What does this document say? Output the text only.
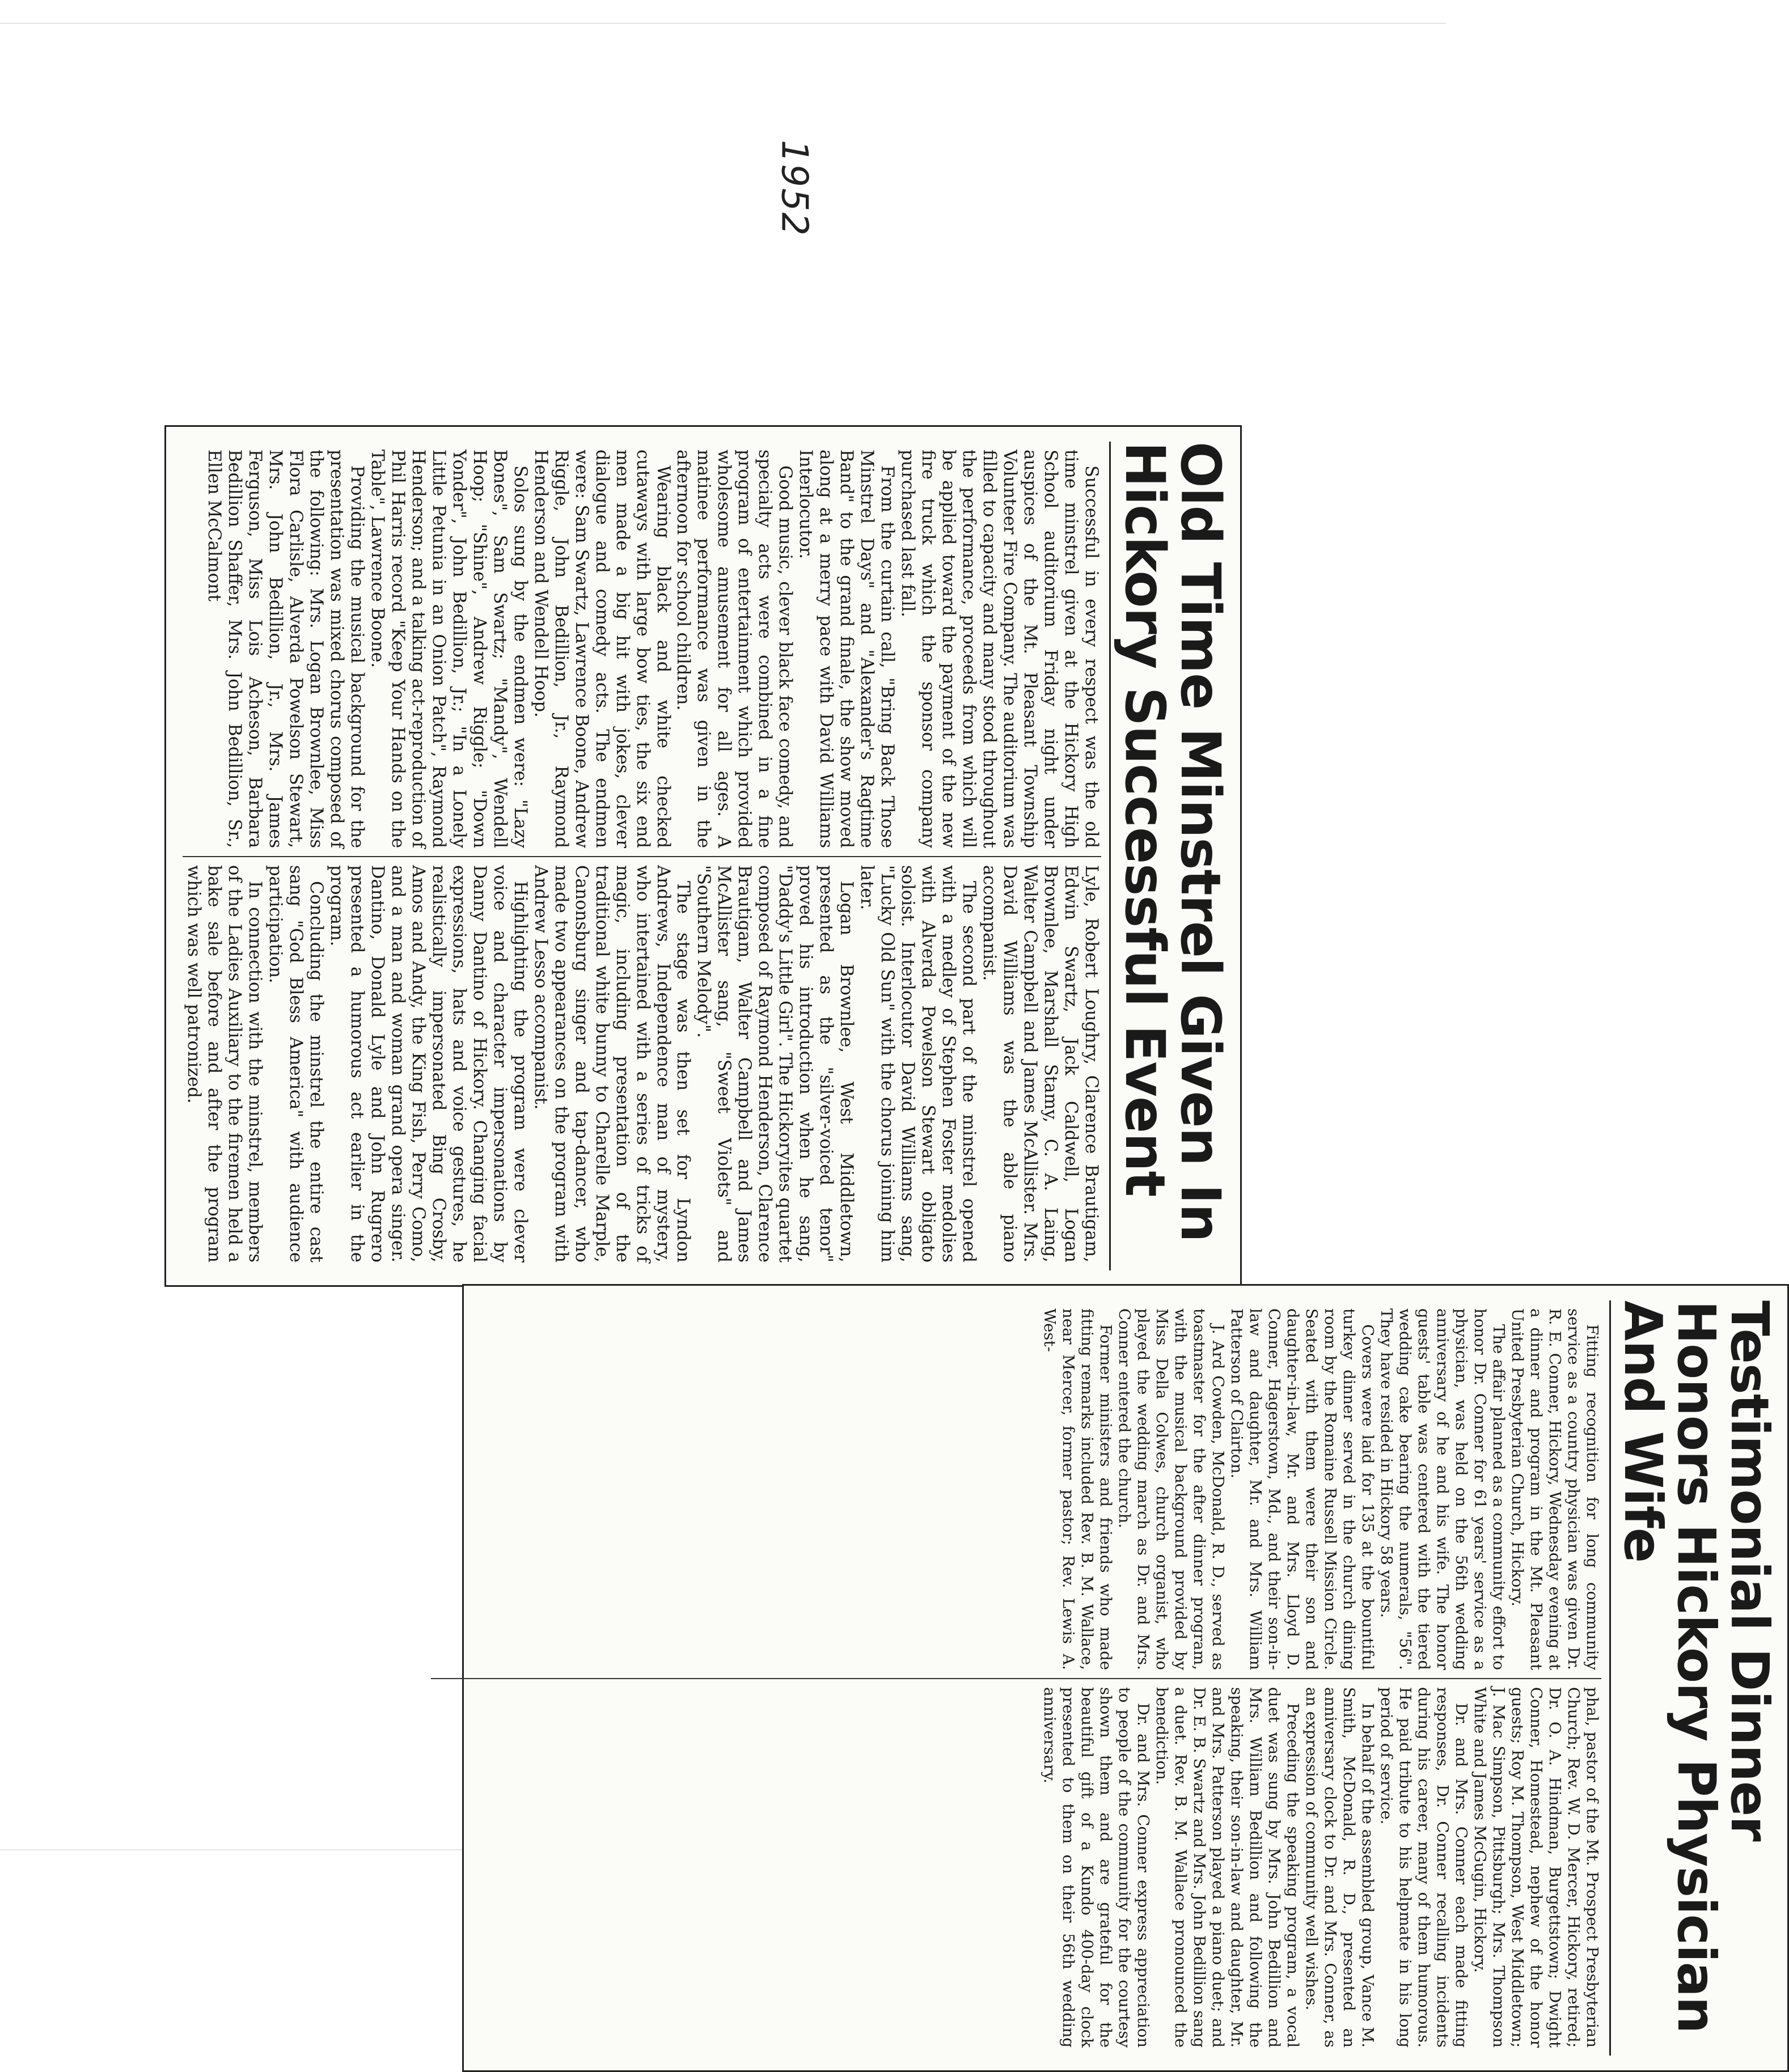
1952
Old Time Minstrel Given In Hickory Successful Event

Successful in every respect was the old time minstrel given at the Hickory High School auditorium Friday night under auspices of the Mt. Pleasant Township Volunteer Fire Company. The auditorium was filled to capacity and many stood throughout the performance, proceeds from which will be applied toward the payment of the new fire truck which the sponsor company purchased last fall.

From the curtain call, "Bring Back Those Minstrel Days" and "Alexander's Ragtime Band" to the grand finale, the show moved along at a merry pace with David Williams Interlocutor.

Good music, clever black face comedy, and specialty acts were combined in a fine program of entertainment which provided wholesome amusement for all ages. A matinee performance was given in the afternoon for school children.

Wearing black and white checked cutaways with large bow ties, the six end men made a big hit with jokes, clever dialogue and comedy acts. The endmen were: Sam Swartz, Lawrence Boone, Andrew Riggle, John Bedillion, Jr., Raymond Henderson and Wendell Hoop.

Solos sung by the endmen were: "Lazy Bones", Sam Swartz; "Mandy", Wendell Hoop; "Shine", Andrew Riggle; "Down Yonder", John Bedillion, Jr.; "In a Lonely Little Petunia in an Onion Patch", Raymond Henderson; and a talking act-reproduction of Phil Harris record "Keep Your Hands on the Table", Lawrence Boone.

Providing the musical background for the presentation was mixed chorus composed of the following: Mrs. Logan Brownlee, Miss Flora Carlisle, Alverda Powelson Stewart, Mrs. John Bedillion, Jr., Mrs. James Ferguson, Miss Lois Acheson, Barbara Bedillion Shaffer, Mrs. John Bedillion, Sr., Ellen McCalmont

Lyle, Robert Loughry, Clarence Brautigam, Edwin Swartz, Jack Caldwell, Logan Brownlee, Marshall Stamy, C. A. Laing, Walter Campbell and James McAllister. Mrs. David Williams was the able piano accompanist.

The second part of the minstrel opened with a medley of Stephen Foster medolies with Alverda Powelson Stewart obligato soloist. Interlocutor David Williams sang, "Lucky Old Sun" with the chorus joining him later.

Logan Brownlee, West Middletown, presented as the "silver-voiced tenor" proved his introduction when he sang, "Daddy's Little Girl". The Hickoryites quartet composed of Raymond Henderson, Clarence Brautigam, Walter Campbell and James McAllister sang, "Sweet Violets" and "Southern Melody".

The stage was then set for Lyndon Andrews, Independence man of mystery, who intertained with a series of tricks of magic, including presentation of the traditional white bunny to Charelle Marple, Canonsburg singer and tap-dancer, who made two appearances on the program with Andrew Lesso accompanist.

Highlighting the program were clever voice and character impersonations by Danny Dantino of Hickory. Changing facial expressions, hats and voice gestures, he realistically impersonated Bing Crosby, Amos and Andy, the King Fish, Perry Como, and a man and woman grand opera singer. Dantino, Donald Lyle and John Rugrero presented a humorous act earlier in the program.

Concluding the minstrel the entire cast sang "God Bless America" with audience participation.

In connection with the minstrel, members of the Ladies Auxiliary to the firemen held a bake sale before and after the program which was well patronized.

Testimonial Dinner Honors Hickory Physician And Wife

Fitting recognition for long community service as a country physician was given Dr. R. E. Conner, Hickory, Wednesday evening at a dinner and program in the Mt. Pleasant United Presbyterian Church, Hickory.

The affair planned as a community effort to honor Dr. Conner for 61 years' service as a physician, was held on the 56th wedding anniversary of he and his wife. The honor guests' table was centered with the tiered wedding cake bearing the numerals, "56". They have resided in Hickory 58 years.

Covers were laid for 135 at the bountiful turkey dinner served in the church dining room by the Romaine Russell Mission Circle. Seated with them were their son and daughter-in-law, Mr. and Mrs. Lloyd D. Conner, Hagerstown, Md., and their son-in-law and daughter, Mr. and Mrs. William Patterson of Clairton.

J. Ard Cowden, McDonald, R. D., served as toastmaster for the after dinner program, with the musical background provided by Miss Della Colwes, church organist, who played the wedding march as Dr. and Mrs. Conner entered the church.

Former ministers and friends who made fitting remarks included Rev. B. M. Wallace, near Mercer, former pastor; Rev. Lewis A. West-

phal, pastor of the Mt. Prospect Presbyterian Church; Rev. W. D. Mercer, Hickory, retired; Dr. O. A. Hindman, Burgettstown; Dwight Conner, Homestead, nephew of the honor guests; Roy M. Thompson, West Middletown; J. Mac Simpson, Pittsburgh; Mrs. Thompson White and James McGugin, Hickory.

Dr. and Mrs. Conner each made fitting responses, Dr. Conner recalling incidents during his career, many of them humorous. He paid tribute to his helpmate in his long period of service.

In behalf of the assembled group, Vance M. Smith, McDonald, R. D., presented an anniversary clock to Dr. and Mrs. Conner, as an expression of community well wishes.

Preceding the speaking program, a vocal duet was sung by Mrs. John Bedillion and Mrs. William Bedillion and following the speaking, their son-in-law and daughter, Mr. and Mrs. Patterson played a piano duet; and Dr. E. B. Swartz and Mrs. John Bedillion sang a duet. Rev. B. M. Wallace pronounced the benediction.

Dr. and Mrs. Conner express appreciation to people of the community for the courtesy shown them and are grateful for the beautiful gift of a Kundo 400-day clock presented to them on their 56th wedding anniversary.
